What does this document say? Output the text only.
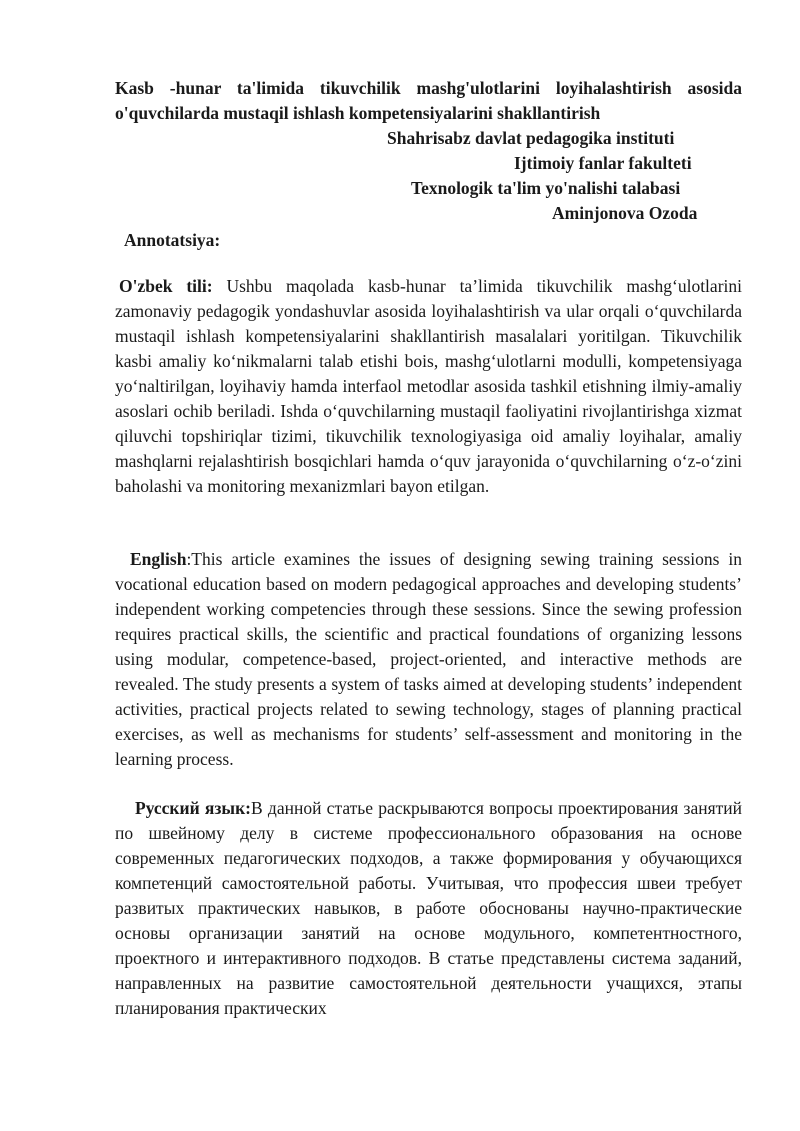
Kasb -hunar ta'limida tikuvchilik mashg'ulotlarini loyihalashtirish asosida o'quvchilarda mustaqil ishlash kompetensiyalarini shakllantirish
Shahrisabz davlat pedagogika instituti
Ijtimoiy fanlar fakulteti
Texnologik ta'lim yo'nalishi talabasi
Aminjonova Ozoda
Annotatsiya:

O'zbek tili: Ushbu maqolada kasb-hunar ta’limida tikuvchilik mashg‘ulotlarini zamonaviy pedagogik yondashuvlar asosida loyihalashtirish va ular orqali o‘quvchilarda mustaqil ishlash kompetensiyalarini shakllantirish masalalari yoritilgan. Tikuvchilik kasbi amaliy ko‘nikmalarni talab etishi bois, mashg‘ulotlarni modulli, kompetensiyaga yo‘naltirilgan, loyihaviy hamda interfaol metodlar asosida tashkil etishning ilmiy-amaliy asoslari ochib beriladi. Ishda o‘quvchilarning mustaqil faoliyatini rivojlantirishga xizmat qiluvchi topshiriqlar tizimi, tikuvchilik texnologiyasiga oid amaliy loyihalar, amaliy mashqlarni rejalashtirish bosqichlari hamda o‘quv jarayonida o‘quvchilarning o‘z-o‘zini baholashi va monitoring mexanizmlari bayon etilgan.

English:This article examines the issues of designing sewing training sessions in vocational education based on modern pedagogical approaches and developing students’ independent working competencies through these sessions. Since the sewing profession requires practical skills, the scientific and practical foundations of organizing lessons using modular, competence-based, project-oriented, and interactive methods are revealed. The study presents a system of tasks aimed at developing students’ independent activities, practical projects related to sewing technology, stages of planning practical exercises, as well as mechanisms for students’ self-assessment and monitoring in the learning process.

Русский язык:В данной статье раскрываются вопросы проектирования занятий по швейному делу в системе профессионального образования на основе современных педагогических подходов, а также формирования у обучающихся компетенций самостоятельной работы. Учитывая, что профессия швеи требует развитых практических навыков, в работе обоснованы научно-практические основы организации занятий на основе модульного, компетентностного, проектного и интерактивного подходов. В статье представлены система заданий, направленных на развитие самостоятельной деятельности учащихся, этапы планирования практических
